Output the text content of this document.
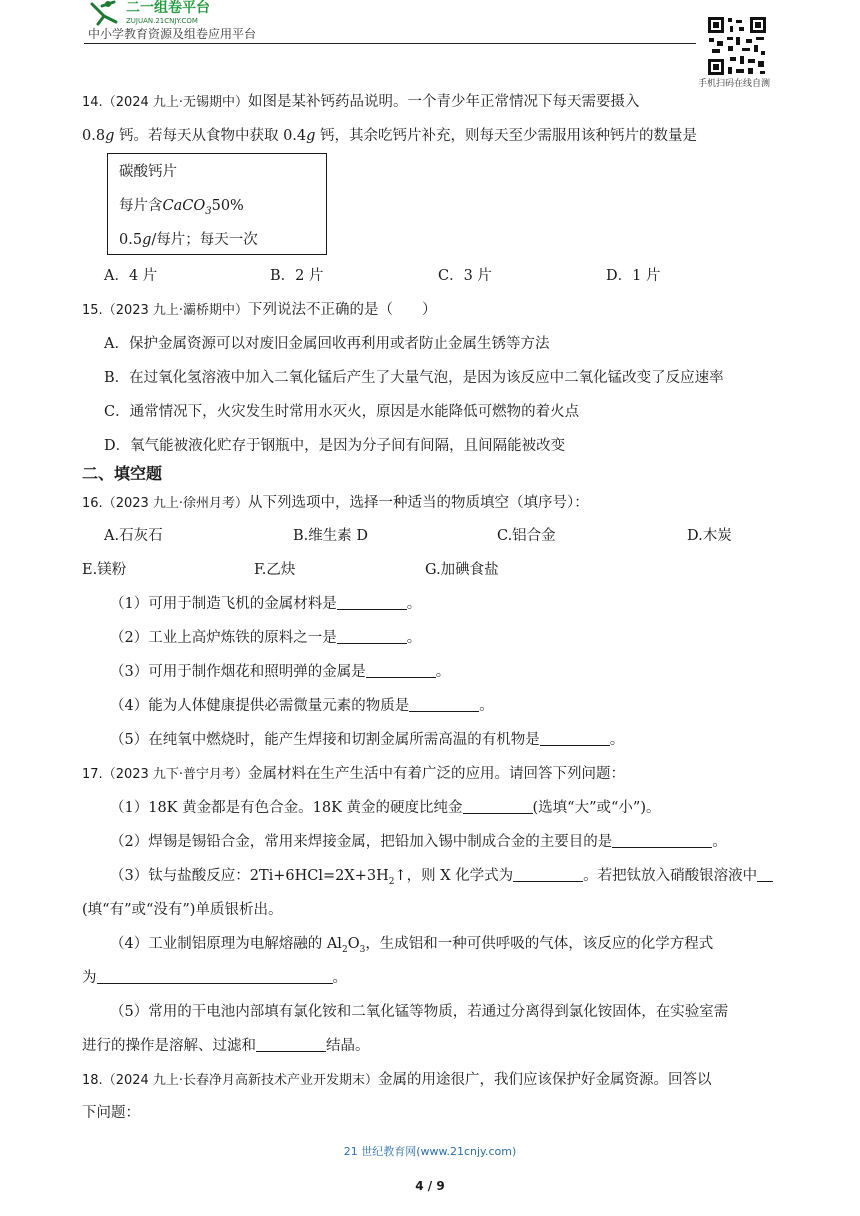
二一组卷平台
ZUJUAN.21CNJY.COM
中小学教育资源及组卷应用平台
手机扫码在线自测
14.（2024 九上·无锡期中）如图是某补钙药品说明。一个青少年正常情况下每天需要摄入
0.8g 钙。若每天从食物中获取 0.4g 钙，其余吃钙片补充，则每天至少需服用该种钙片的数量是
碳酸钙片
每片含CaCO$_3$50%
0.5g/每片；每天一次
A．4 片	B．2 片	C．3 片	D．1 片
15.（2023 九上·灞桥期中）下列说法不正确的是（　　）
A．保护金属资源可以对废旧金属回收再利用或者防止金属生锈等方法
B．在过氧化氢溶液中加入二氧化锰后产生了大量气泡，是因为该反应中二氧化锰改变了反应速率
C．通常情况下，火灾发生时常用水灭火，原因是水能降低可燃物的着火点
D．氧气能被液化贮存于钢瓶中，是因为分子间有间隔，且间隔能被改变
二、填空题
16.（2023 九上·徐州月考）从下列选项中，选择一种适当的物质填空（填序号）：
A.石灰石	B.维生素 D	C.铝合金	D.木炭
E.镁粉	F.乙炔	G.加碘食盐
（1）可用于制造飞机的金属材料是	。
（2）工业上高炉炼铁的原料之一是	。
（3）可用于制作烟花和照明弹的金属是	。
（4）能为人体健康提供必需微量元素的物质是	。
（5）在纯氧中燃烧时，能产生焊接和切割金属所需高温的有机物是	。
17.（2023 九下·普宁月考）金属材料在生产生活中有着广泛的应用。请回答下列问题：
（1）18K 黄金都是有色合金。18K 黄金的硬度比纯金	(选填“大”或“小”)。
（2）焊锡是锡铅合金，常用来焊接金属，把铅加入锡中制成合金的主要目的是	。
（3）钛与盐酸反应：$2Ti+6HCl=2X+3H_2↑$，则 X 化学式为	。若把钛放入硝酸银溶液中
(填“有”或“没有”)单质银析出。
（4）工业制铝原理为电解熔融的 $Al_2O_3$，生成铝和一种可供呼吸的气体，该反应的化学方程式
为	。
（5）常用的干电池内部填有氯化铵和二氧化锰等物质，若通过分离得到氯化铵固体，在实验室需
进行的操作是溶解、过滤和	结晶。
18.（2024 九上·长春净月高新技术产业开发期末）金属的用途很广，我们应该保护好金属资源。回答以
下问题：
21 世纪教育网(www.21cnjy.com)
4 / 9
